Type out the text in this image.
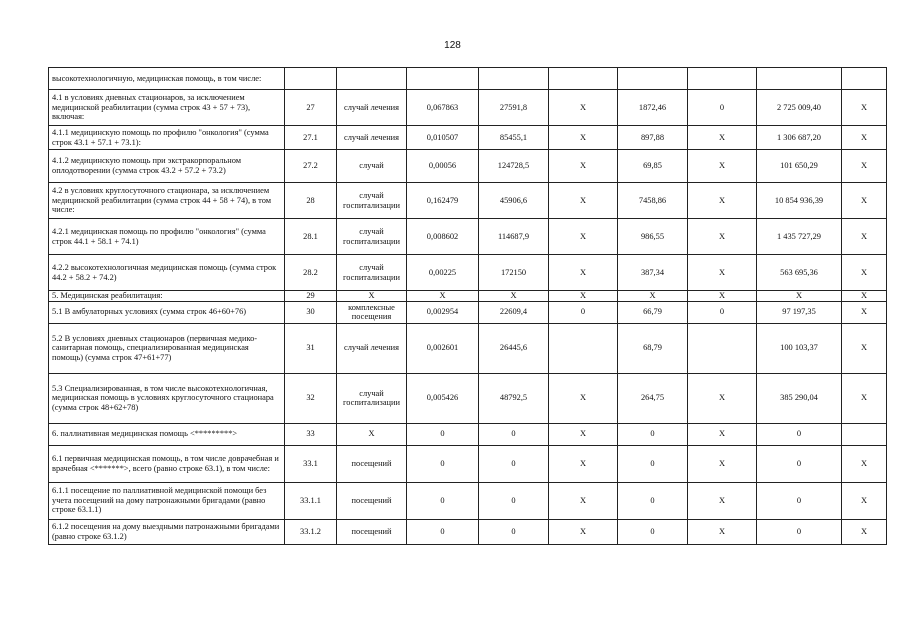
128
высокотехнологичную, медицинская помощь, в том числе:									
4.1 в условиях дневных стационаров, за исключением медицинской реабилитации (сумма строк 43 + 57 + 73), включая:	27	случай лечения	0,067863	27591,8	X	1872,46	0	2 725 009,40	X
4.1.1 медицинскую помощь по профилю "онкология" (сумма строк 43.1 + 57.1 + 73.1):	27.1	случай лечения	0,010507	85455,1	X	897,88	X	1 306 687,20	X
4.1.2 медицинскую помощь при экстракорпоральном оплодотворении (сумма строк 43.2 + 57.2 + 73.2)	27.2	случай	0,00056	124728,5	X	69,85	X	101 650,29	X
4.2 в условиях круглосуточного стационара, за исключением медицинской реабилитации (сумма строк 44 + 58 + 74), в том числе:	28	случай госпитализации	0,162479	45906,6	X	7458,86	X	10 854 936,39	X
4.2.1 медицинская помощь по профилю "онкология" (сумма строк 44.1 + 58.1 + 74.1)	28.1	случай госпитализации	0,008602	114687,9	X	986,55	X	1 435 727,29	X
4.2.2 высокотехнологичная медицинская помощь (сумма строк 44.2 + 58.2 + 74.2)	28.2	случай госпитализации	0,00225	172150	X	387,34	X	563 695,36	X
5. Медицинская реабилитация:	29	X	X	X	X	X	X	X	X
5.1 В амбулаторных условиях (сумма строк 46+60+76)	30	комплексные посещения	0,002954	22609,4	0	66,79	0	97 197,35	X
5.2 В условиях дневных стационаров (первичная медико-санитарная помощь, специализированная медицинская помощь) (сумма строк 47+61+77)	31	случай лечения	0,002601	26445,6		68,79		100 103,37	X
5.3 Специализированная, в том числе высокотехнологичная, медицинская помощь в условиях круглосуточного стационара (сумма строк 48+62+78)	32	случай госпитализации	0,005426	48792,5	X	264,75	X	385 290,04	X
6. паллиативная медицинская помощь <*********>	33	X	0	0	X	0	X	0	
6.1 первичная медицинская помощь, в том числе доврачебная и врачебная <*******>, всего (равно строке 63.1), в том числе:	33.1	посещений	0	0	X	0	X	0	X
6.1.1 посещение по паллиативной медицинской помощи без учета посещений на дому патронажными бригадами (равно строке 63.1.1)	33.1.1	посещений	0	0	X	0	X	0	X
6.1.2 посещения на дому выездными патронажными бригадами (равно строке 63.1.2)	33.1.2	посещений	0	0	X	0	X	0	X
